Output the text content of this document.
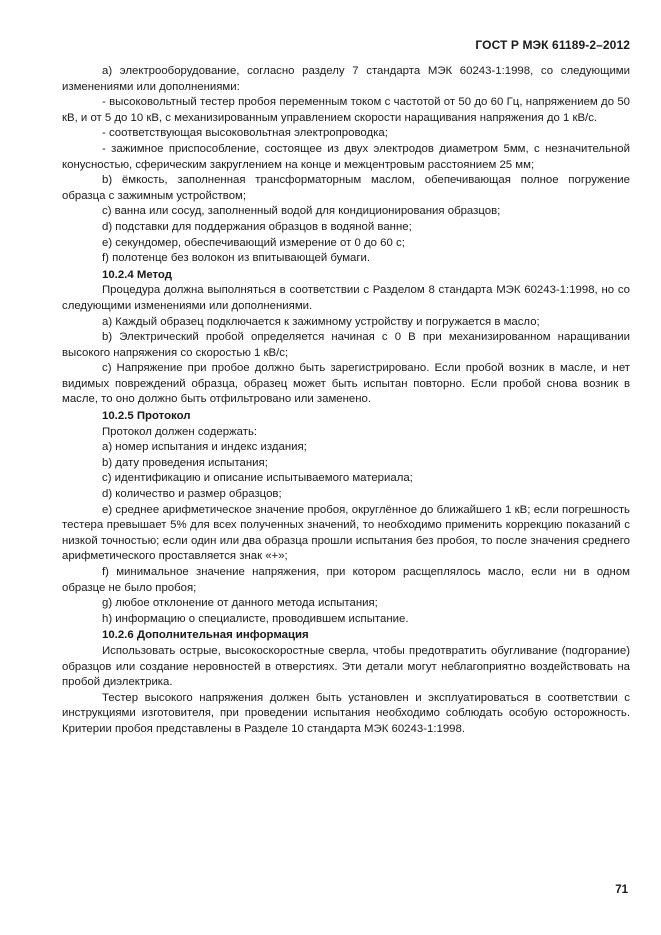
ГОСТ Р МЭК 61189-2–2012

а) электрооборудование, согласно разделу 7 стандарта МЭК 60243-1:1998, со следующими изменениями или дополнениями:

- высоковольтный тестер пробоя переменным током с частотой от 50 до 60 Гц, напряжением до 50 кВ, и от 5 до 10 кВ, с механизированным управлением скорости наращивания напряжения до 1 кВ/с.

- соответствующая высоковольтная электропроводка;

- зажимное приспособление, состоящее из двух электродов диаметром 5мм, с незначительной конусностью, сферическим закруглением на конце и межцентровым расстоянием 25 мм;

b) ёмкость, заполненная трансформаторным маслом, обепечивающая полное погружение образца с зажимным устройством;

c) ванна или сосуд, заполненный водой для кондиционирования образцов;

d) подставки для поддержания образцов в водяной ванне;

e) секундомер, обеспечивающий измерение от 0 до 60 с;

f) полотенце без волокон из впитывающей бумаги.

10.2.4 Метод

Процедура должна выполняться в соответствии с Разделом 8 стандарта МЭК 60243-1:1998, но со следующими изменениями или дополнениями.

a) Каждый образец подключается к зажимному устройству и погружается в масло;

b) Электрический пробой определяется начиная с 0 В при механизированном наращивании высокого напряжения со скоростью 1 кВ/с;

c) Напряжение при пробое должно быть зарегистрировано. Если пробой возник в масле, и нет видимых повреждений образца, образец может быть испытан повторно. Если пробой снова возник в масле, то оно должно быть отфильтровано или заменено.

10.2.5 Протокол

Протокол должен содержать:

a) номер испытания и индекс издания;

b) дату проведения испытания;

c) идентификацию и описание испытываемого материала;

d) количество и размер образцов;

e) среднее арифметическое значение пробоя, округлённое до ближайшего 1 кВ; если погрешность тестера превышает 5% для всех полученных значений, то необходимо применить коррекцию показаний с низкой точностью; если один или два образца прошли испытания без пробоя, то после значения среднего арифметического проставляется знак «+»;

f) минимальное значение напряжения, при котором расщеплялось масло, если ни в одном образце не было пробоя;

g) любое отклонение от данного метода испытания;

h) информацию о специалисте, проводившем испытание.

10.2.6 Дополнительная информация

Использовать острые, высокоскоростные сверла, чтобы предотвратить обугливание (подгорание) образцов или создание неровностей в отверстиях. Эти детали могут неблагоприятно воздействовать на пробой диэлектрика.

Тестер высокого напряжения должен быть установлен и эксплуатироваться в соответствии с инструкциями изготовителя, при проведении испытания необходимо соблюдать особую осторожность. Критерии пробоя представлены в Разделе 10 стандарта МЭК 60243-1:1998.

71
